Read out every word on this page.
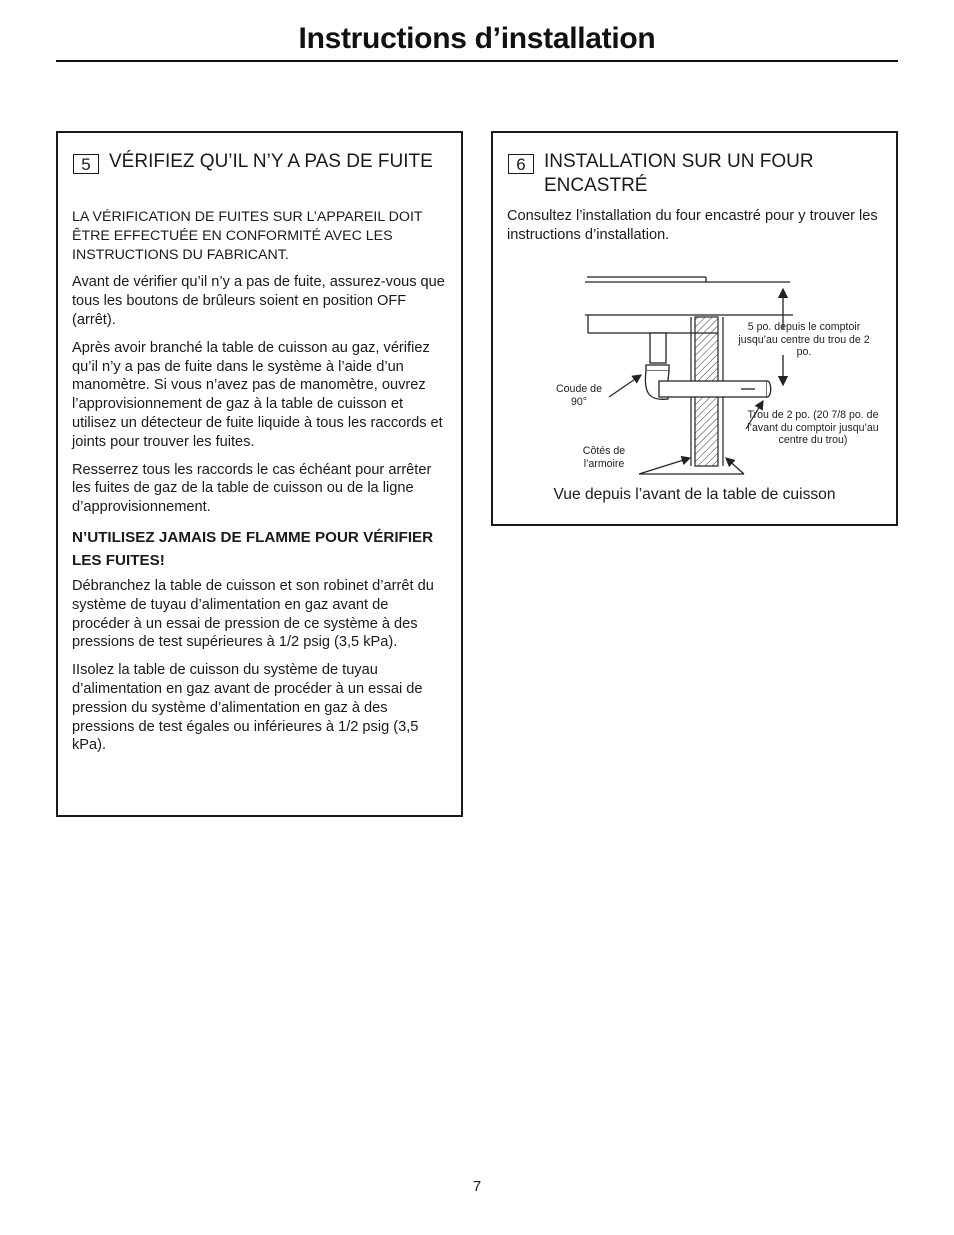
Instructions d’installation
5 VÉRIFIEZ QU’IL N’Y A PAS DE FUITE

LA VÉRIFICATION DE FUITES SUR L’APPAREIL DOIT ÊTRE EFFECTUÉE EN CONFORMITÉ AVEC LES INSTRUCTIONS DU FABRICANT.

Avant de vérifier qu’il n’y a pas de fuite, assurez-vous que tous les boutons de brûleurs soient en position OFF (arrêt).

Après avoir branché la table de cuisson au gaz, vérifiez qu’il n’y a pas de fuite dans le système à l’aide d’un manomètre. Si vous n’avez pas de manomètre, ouvrez l’approvisionnement de gaz à la table de cuisson et utilisez un détecteur de fuite liquide à tous les raccords et joints pour trouver les fuites.

Resserrez tous les raccords le cas échéant pour arrêter les fuites de gaz de la table de cuisson ou de la ligne d’approvisionnement.

N’UTILISEZ JAMAIS DE FLAMME POUR VÉRIFIER LES FUITES!

Débranchez la table de cuisson et son robinet d’arrêt du système de tuyau d’alimentation en gaz avant de procéder à un essai de pression de ce système à des pressions de test supérieures à 1/2 psig (3,5 kPa).

IIsolez la table de cuisson du système de tuyau d’alimentation en gaz avant de procéder à un essai de pression du système d’alimentation en gaz à des pressions de test égales ou inférieures à 1/2 psig (3,5 kPa).

6 INSTALLATION SUR UN FOUR ENCASTRÉ

Consultez l’installation du four encastré pour y trouver les instructions d’installation.

5 po. depuis le comptoir jusqu’au centre du trou de 2 po.
Coude de 90°
Trou de 2 po. (20 7/8 po. de l’avant du comptoir jusqu’au centre du trou)
Côtés de l’armoire
Vue depuis l’avant de la table de cuisson
7
